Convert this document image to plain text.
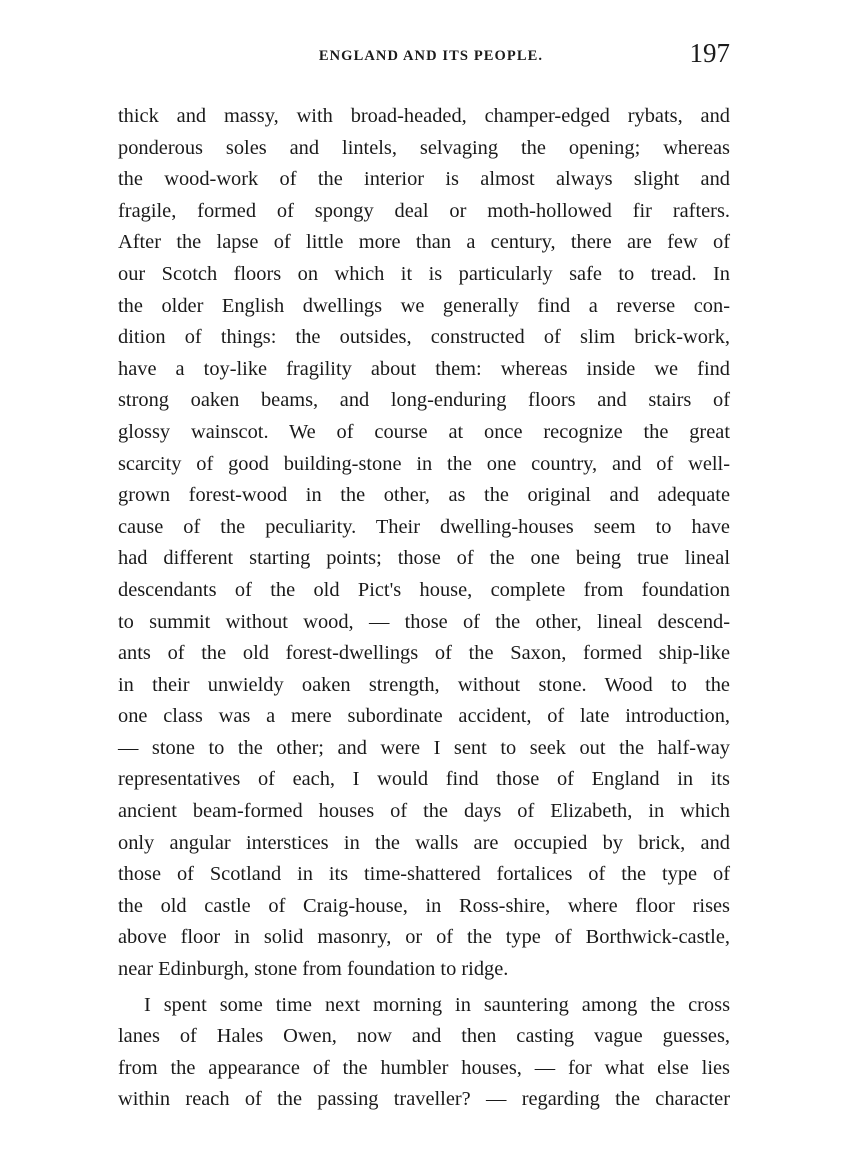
ENGLAND AND ITS PEOPLE.	197
thick and massy, with broad-headed, champer-edged rybats, and
ponderous soles and lintels, selvaging the opening; whereas
the wood-work of the interior is almost always slight and
fragile, formed of spongy deal or moth-hollowed fir rafters.
After the lapse of little more than a century, there are few of
our Scotch floors on which it is particularly safe to tread. In
the older English dwellings we generally find a reverse con-
dition of things: the outsides, constructed of slim brick-work,
have a toy-like fragility about them: whereas inside we find
strong oaken beams, and long-enduring floors and stairs of
glossy wainscot. We of course at once recognize the great
scarcity of good building-stone in the one country, and of well-
grown forest-wood in the other, as the original and adequate
cause of the peculiarity. Their dwelling-houses seem to have
had different starting points; those of the one being true lineal
descendants of the old Pict's house, complete from foundation
to summit without wood, — those of the other, lineal descend-
ants of the old forest-dwellings of the Saxon, formed ship-like
in their unwieldy oaken strength, without stone. Wood to the
one class was a mere subordinate accident, of late introduction,
— stone to the other; and were I sent to seek out the half-way
representatives of each, I would find those of England in its
ancient beam-formed houses of the days of Elizabeth, in which
only angular interstices in the walls are occupied by brick, and
those of Scotland in its time-shattered fortalices of the type of
the old castle of Craig-house, in Ross-shire, where floor rises
above floor in solid masonry, or of the type of Borthwick-castle,
near Edinburgh, stone from foundation to ridge.
I spent some time next morning in sauntering among the cross
lanes of Hales Owen, now and then casting vague guesses,
from the appearance of the humbler houses, — for what else lies
within reach of the passing traveller? — regarding the character
